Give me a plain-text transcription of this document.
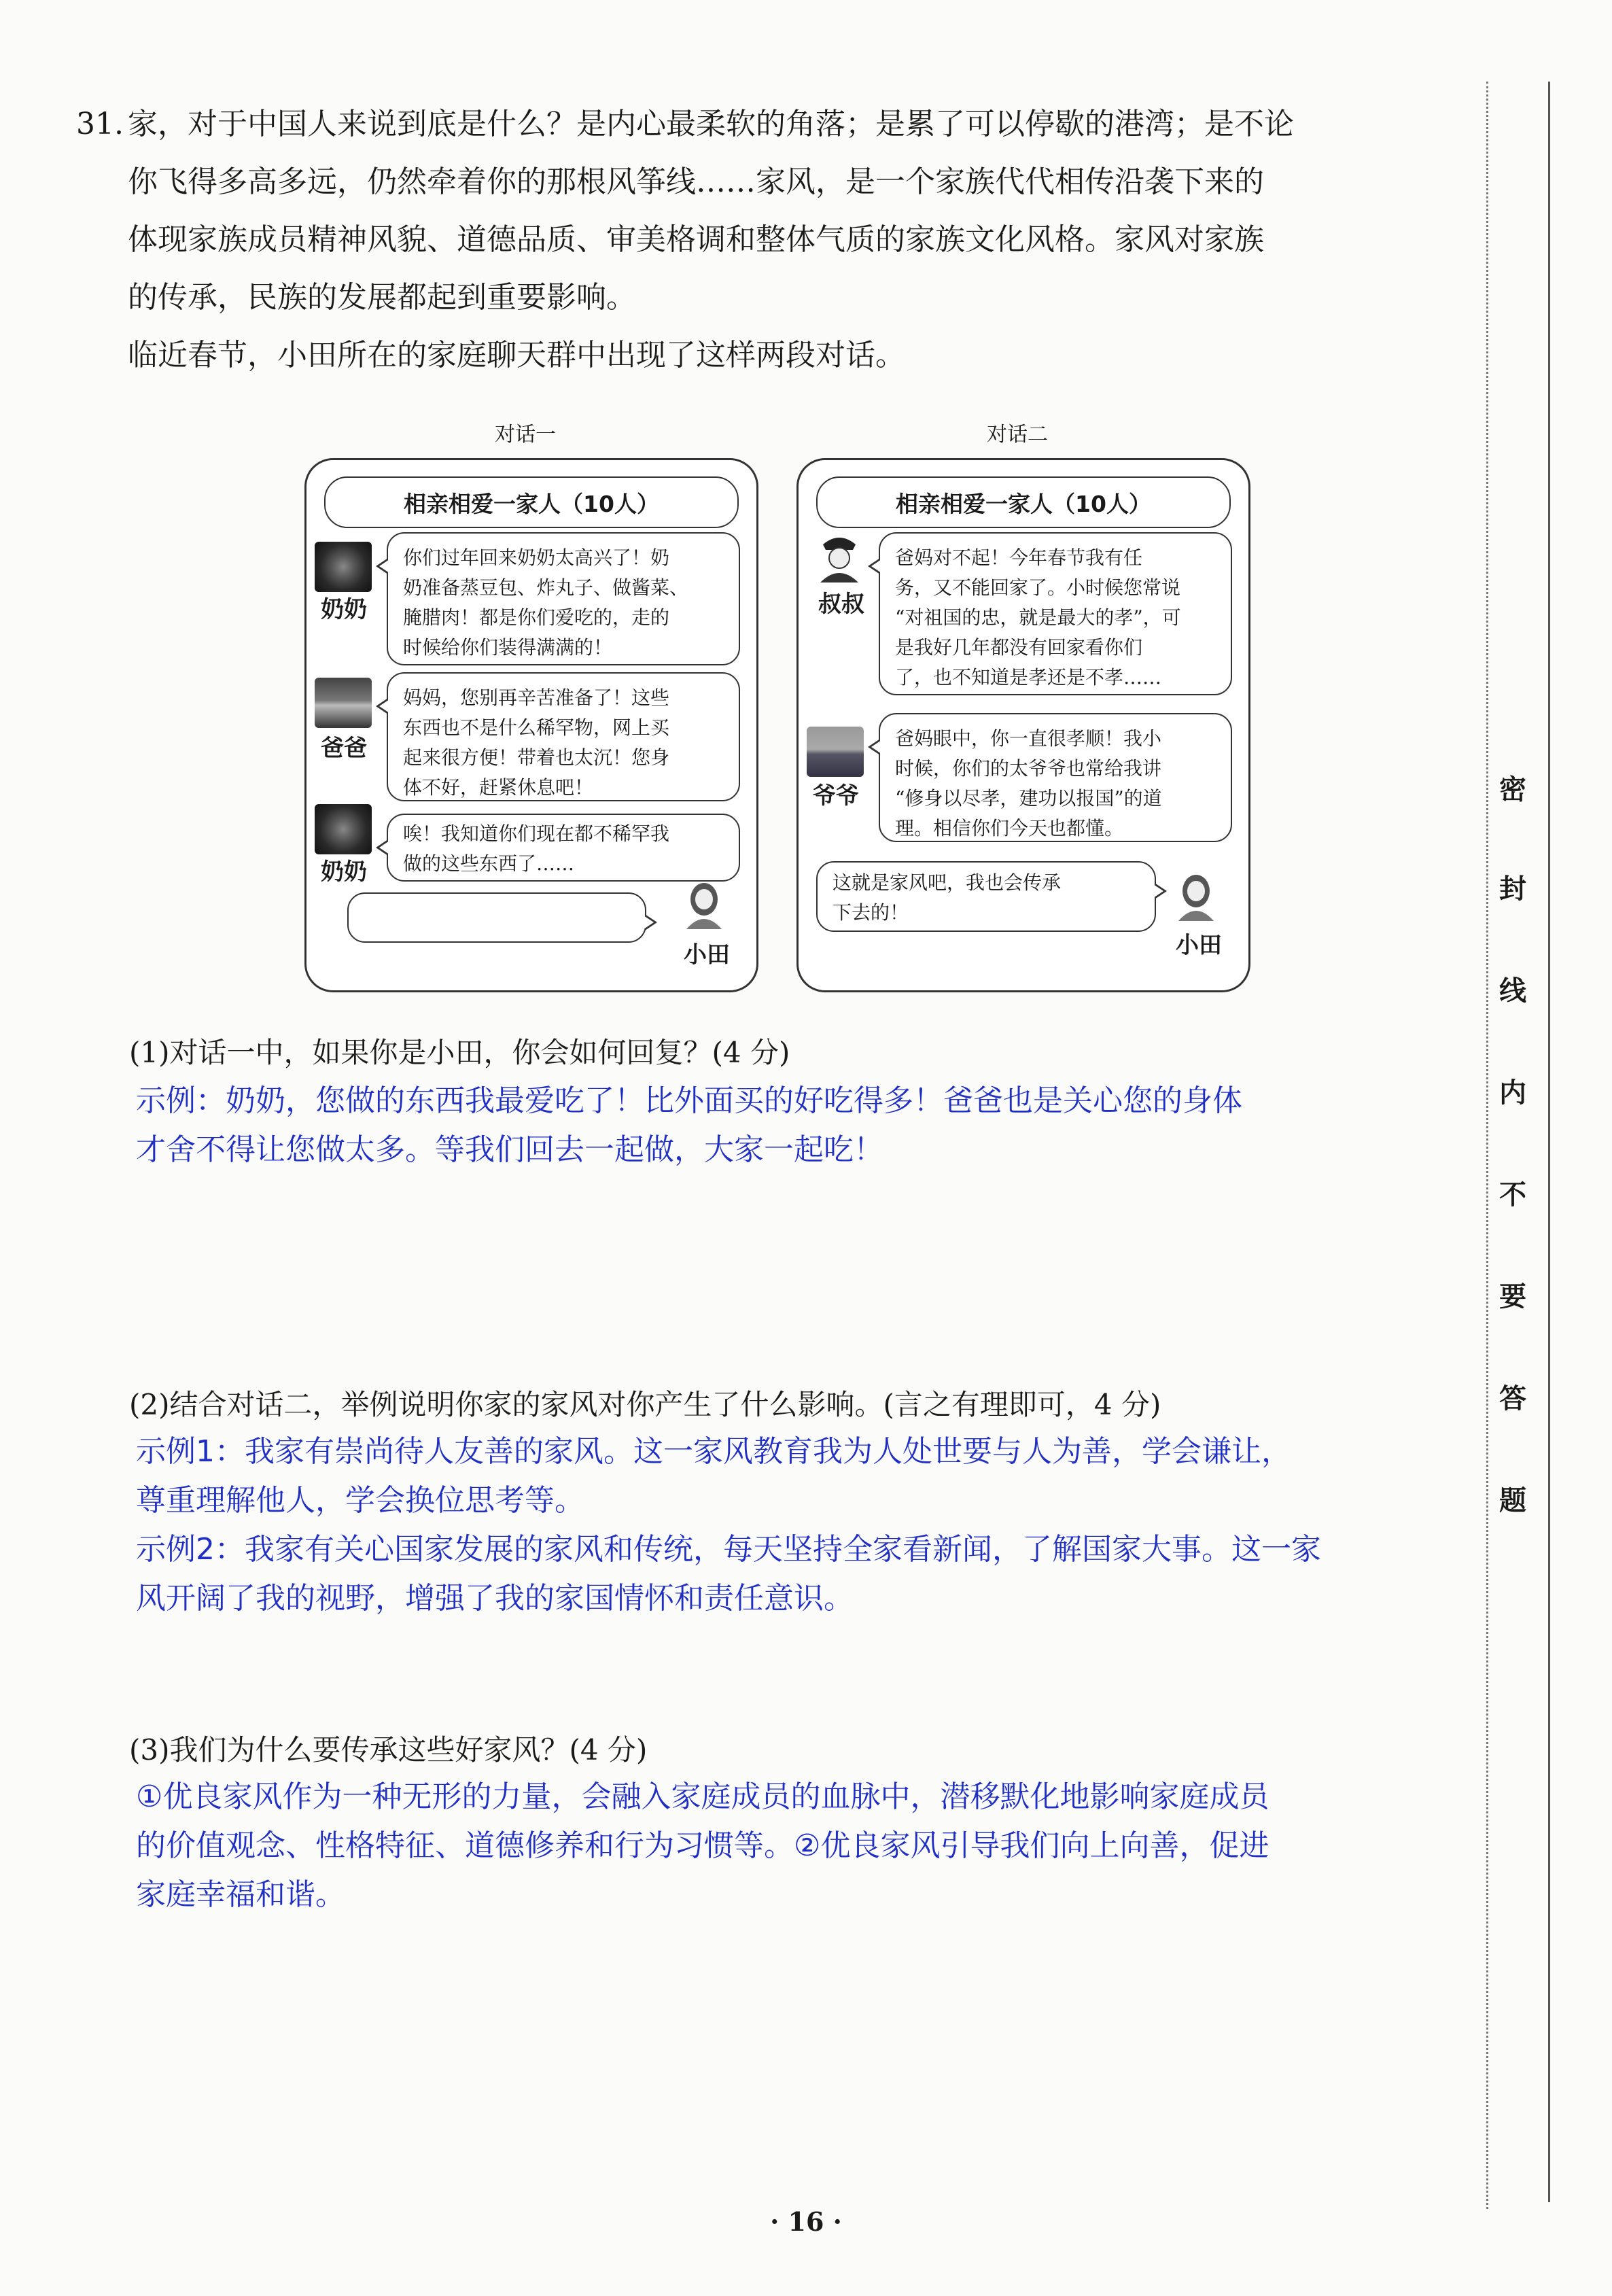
31. 家，对于中国人来说到底是什么？是内心最柔软的角落；是累了可以停歇的港湾；是不论

你飞得多高多远，仍然牵着你的那根风筝线……家风，是一个家族代代相传沿袭下来的

体现家族成员精神风貌、道德品质、审美格调和整体气质的家族文化风格。家风对家族

的传承，民族的发展都起到重要影响。

临近春节，小田所在的家庭聊天群中出现了这样两段对话。

对话一
相亲相爱一家人（10人）
奶奶
你们过年回来奶奶太高兴了！奶
奶准备蒸豆包、炸丸子、做酱菜、
腌腊肉！都是你们爱吃的，走的
时候给你们装得满满的！
爸爸
妈妈，您别再辛苦准备了！这些
东西也不是什么稀罕物，网上买
起来很方便！带着也太沉！您身
体不好，赶紧休息吧！
奶奶
唉！我知道你们现在都不稀罕我
做的这些东西了……
小田
对话二
相亲相爱一家人（10人）
叔叔
爸妈对不起！今年春节我有任
务，又不能回家了。小时候您常说
“对祖国的忠，就是最大的孝”，可
是我好几年都没有回家看你们
了，也不知道是孝还是不孝……
爷爷
爸妈眼中，你一直很孝顺！我小
时候，你们的太爷爷也常给我讲
“修身以尽孝，建功以报国”的道
理。相信你们今天也都懂。
这就是家风吧，我也会传承
下去的！
小田
(1)对话一中，如果你是小田，你会如何回复？(4 分)

示例：奶奶，您做的东西我最爱吃了！比外面买的好吃得多！爸爸也是关心您的身体

才舍不得让您做太多。等我们回去一起做，大家一起吃！

(2)结合对话二，举例说明你家的家风对你产生了什么影响。(言之有理即可，4 分)

示例1：我家有崇尚待人友善的家风。这一家风教育我为人处世要与人为善，学会谦让，

尊重理解他人，学会换位思考等。

示例2：我家有关心国家发展的家风和传统，每天坚持全家看新闻，了解国家大事。这一家

风开阔了我的视野，增强了我的家国情怀和责任意识。

(3)我们为什么要传承这些好家风？(4 分)

①优良家风作为一种无形的力量，会融入家庭成员的血脉中，潜移默化地影响家庭成员

的价值观念、性格特征、道德修养和行为习惯等。②优良家风引导我们向上向善，促进

家庭幸福和谐。

密
封
线
内
不
要
答
题
· 16 ·
